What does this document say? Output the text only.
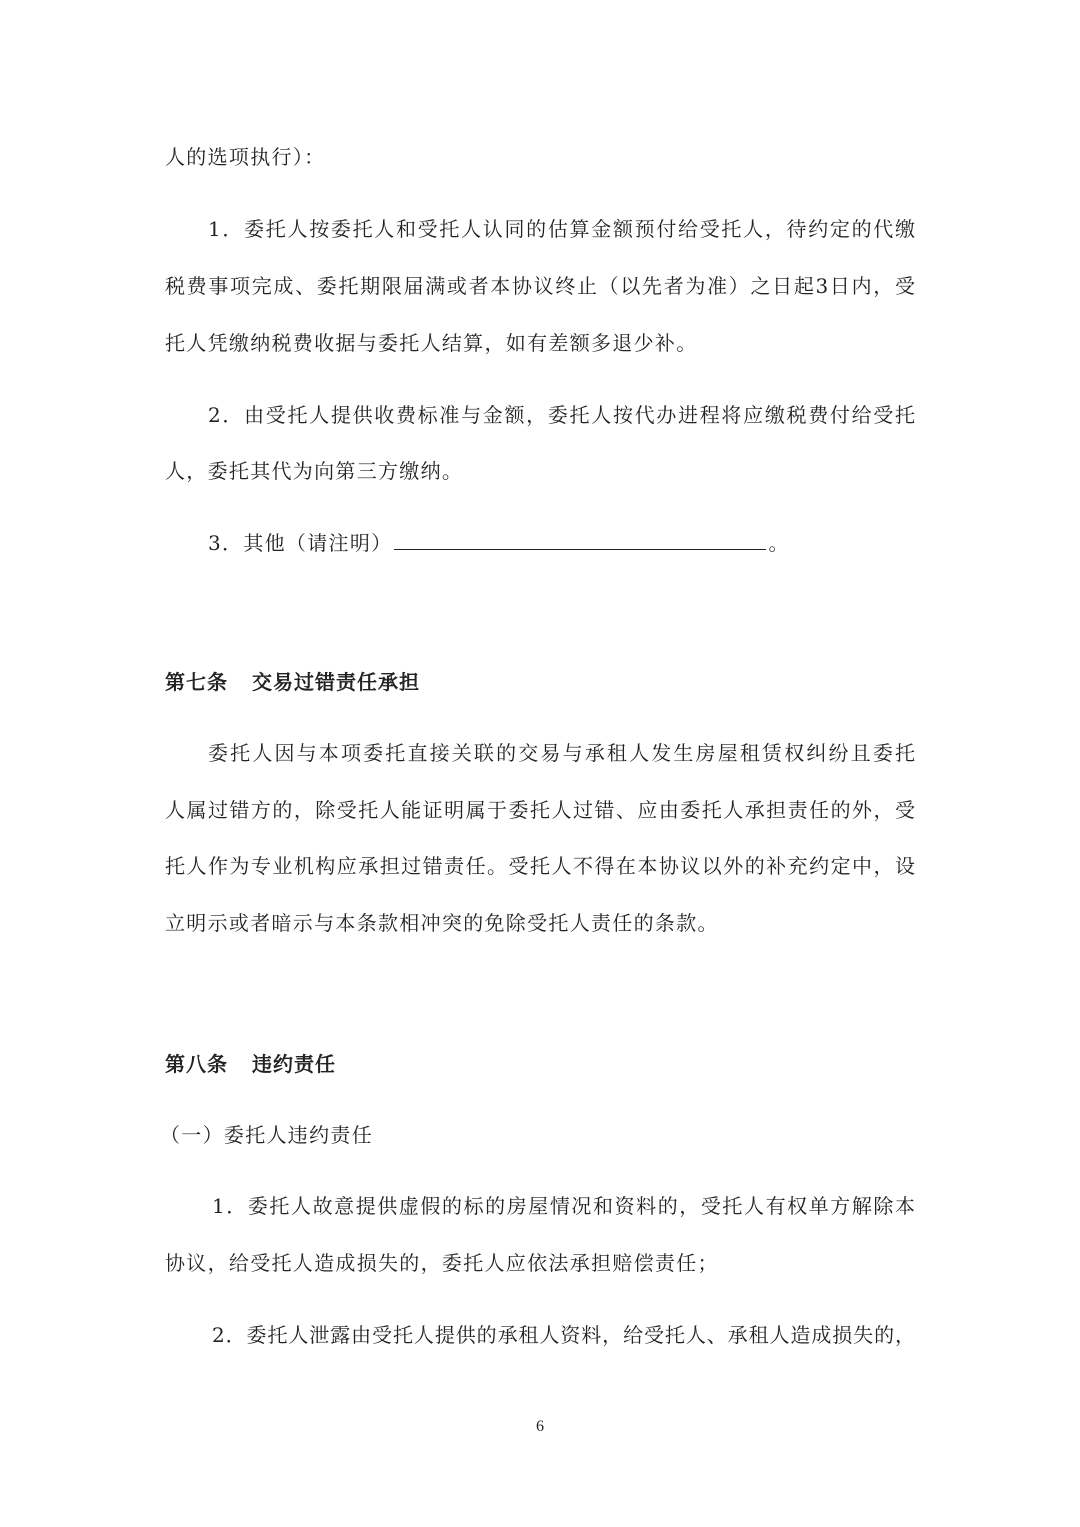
人的选项执行）：
1．委托人按委托人和受托人认同的估算金额预付给受托人，待约定的代缴
税费事项完成、委托期限届满或者本协议终止（以先者为准）之日起3日内，受
托人凭缴纳税费收据与委托人结算，如有差额多退少补。
2．由受托人提供收费标准与金额，委托人按代办进程将应缴税费付给受托
人，委托其代为向第三方缴纳。
3．其他（请注明）	。
第七条 交易过错责任承担
委托人因与本项委托直接关联的交易与承租人发生房屋租赁权纠纷且委托
人属过错方的，除受托人能证明属于委托人过错、应由委托人承担责任的外，受
托人作为专业机构应承担过错责任。受托人不得在本协议以外的补充约定中，设
立明示或者暗示与本条款相冲突的免除受托人责任的条款。
第八条 违约责任
（一）委托人违约责任
1．委托人故意提供虚假的标的房屋情况和资料的，受托人有权单方解除本
协议，给受托人造成损失的，委托人应依法承担赔偿责任；
2．委托人泄露由受托人提供的承租人资料，给受托人、承租人造成损失的，
6
